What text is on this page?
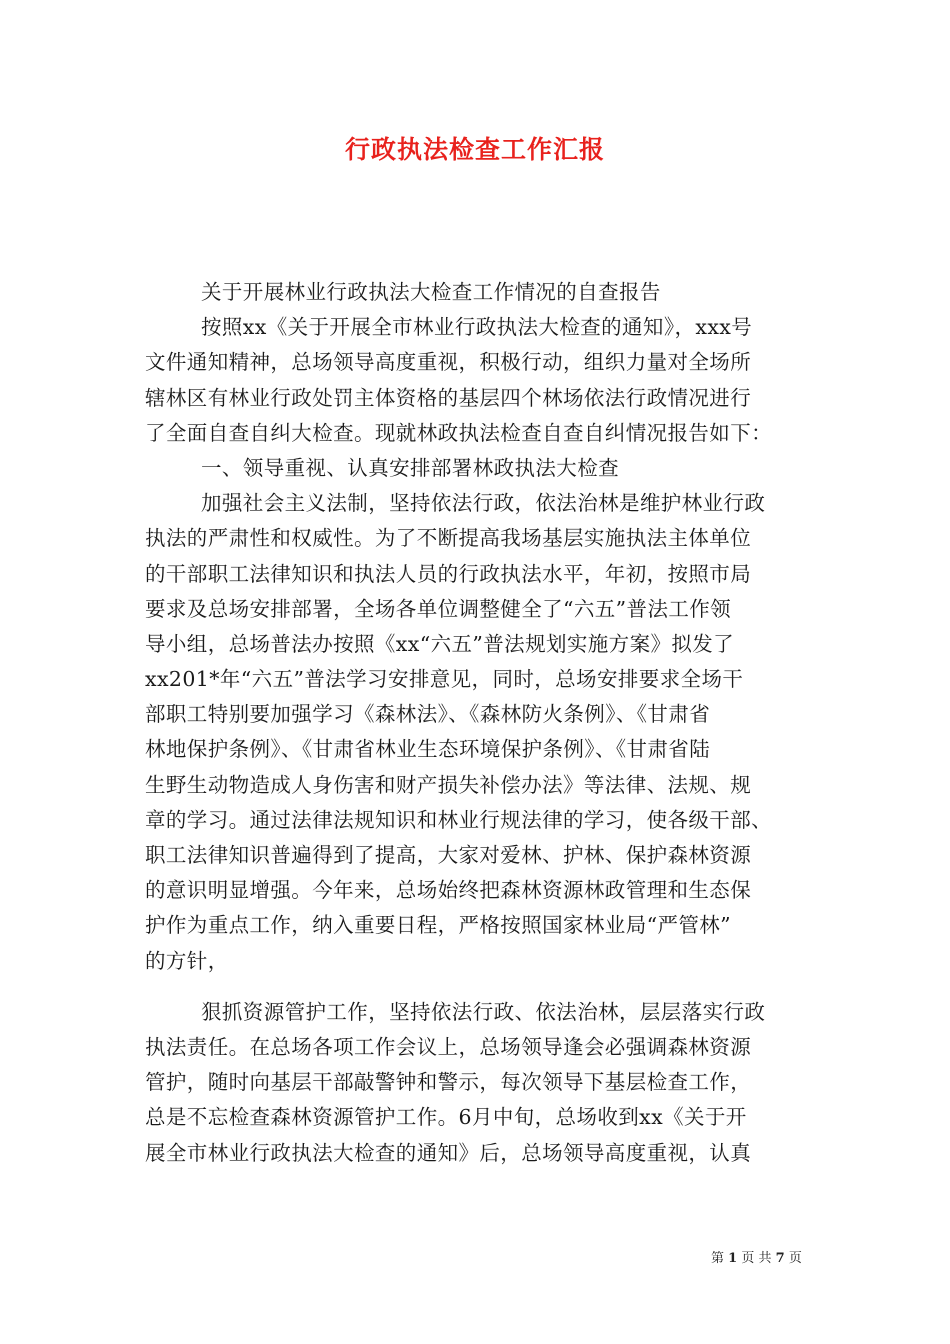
行政执法检查工作汇报
关于开展林业行政执法大检查工作情况的自查报告
按照xx《关于开展全市林业行政执法大检查的通知》，xxx号
文件通知精神，总场领导高度重视，积极行动，组织力量对全场所
辖林区有林业行政处罚主体资格的基层四个林场依法行政情况进行
了全面自查自纠大检查。现就林政执法检查自查自纠情况报告如下：
一、领导重视、认真安排部署林政执法大检查
加强社会主义法制，坚持依法行政，依法治林是维护林业行政
执法的严肃性和权威性。为了不断提高我场基层实施执法主体单位
的干部职工法律知识和执法人员的行政执法水平，年初，按照市局
要求及总场安排部署，全场各单位调整健全了“六五”普法工作领
导小组，总场普法办按照《xx“六五”普法规划实施方案》拟发了
xx201*年“六五”普法学习安排意见，同时，总场安排要求全场干
部职工特别要加强学习《森林法》、《森林防火条例》、《甘肃省
林地保护条例》、《甘肃省林业生态环境保护条例》、《甘肃省陆
生野生动物造成人身伤害和财产损失补偿办法》等法律、法规、规
章的学习。通过法律法规知识和林业行规法律的学习，使各级干部、
职工法律知识普遍得到了提高，大家对爱林、护林、保护森林资源
的意识明显增强。今年来，总场始终把森林资源林政管理和生态保
护作为重点工作，纳入重要日程，严格按照国家林业局“严管林”
的方针，
狠抓资源管护工作，坚持依法行政、依法治林，层层落实行政
执法责任。在总场各项工作会议上，总场领导逢会必强调森林资源
管护，随时向基层干部敲警钟和警示，每次领导下基层检查工作，
总是不忘检查森林资源管护工作。6月中旬，总场收到xx《关于开
展全市林业行政执法大检查的通知》后，总场领导高度重视，认真
第 1 页 共 7 页
